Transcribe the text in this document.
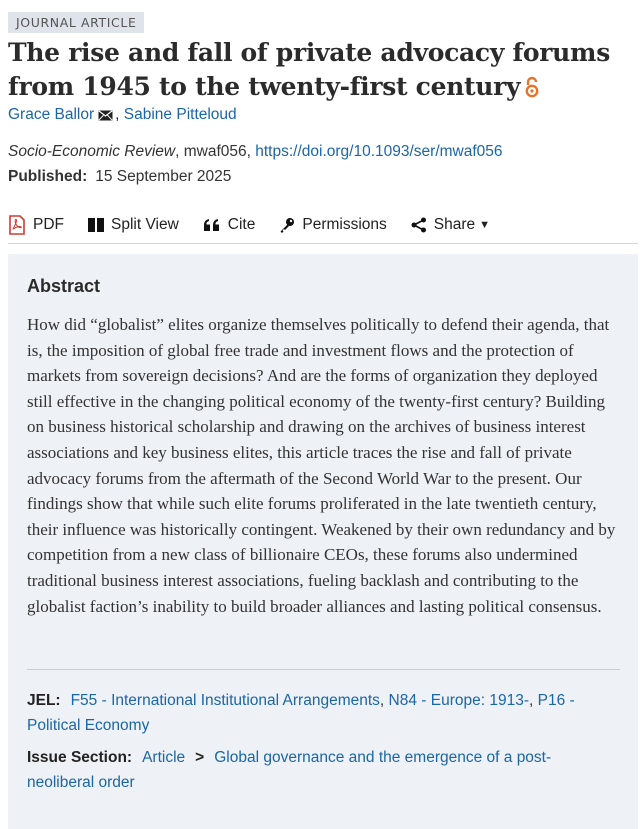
JOURNAL ARTICLE
The rise and fall of private advocacy forums from 1945 to the twenty-first century
Grace Ballor , Sabine Pitteloud
Socio-Economic Review, mwaf056, https://doi.org/10.1093/ser/mwaf056
Published: 15 September 2025
PDF	Split View	Cite	Permissions	Share ▼
Abstract

How did “globalist” elites organize themselves politically to defend their agenda, that is, the imposition of global free trade and investment flows and the protection of markets from sovereign decisions? And are the forms of organization they deployed still effective in the changing political economy of the twenty-first century? Building on business historical scholarship and drawing on the archives of business interest associations and key business elites, this article traces the rise and fall of private advocacy forums from the aftermath of the Second World War to the present. Our findings show that while such elite forums proliferated in the late twentieth century, their influence was historically contingent. Weakened by their own redundancy and by competition from a new class of billionaire CEOs, these forums also undermined traditional business interest associations, fueling backlash and contributing to the globalist faction’s inability to build broader alliances and lasting political consensus.

JEL: F55 - International Institutional Arrangements, N84 - Europe: 1913-, P16 - Political Economy
Issue Section: Article > Global governance and the emergence of a post-neoliberal order
